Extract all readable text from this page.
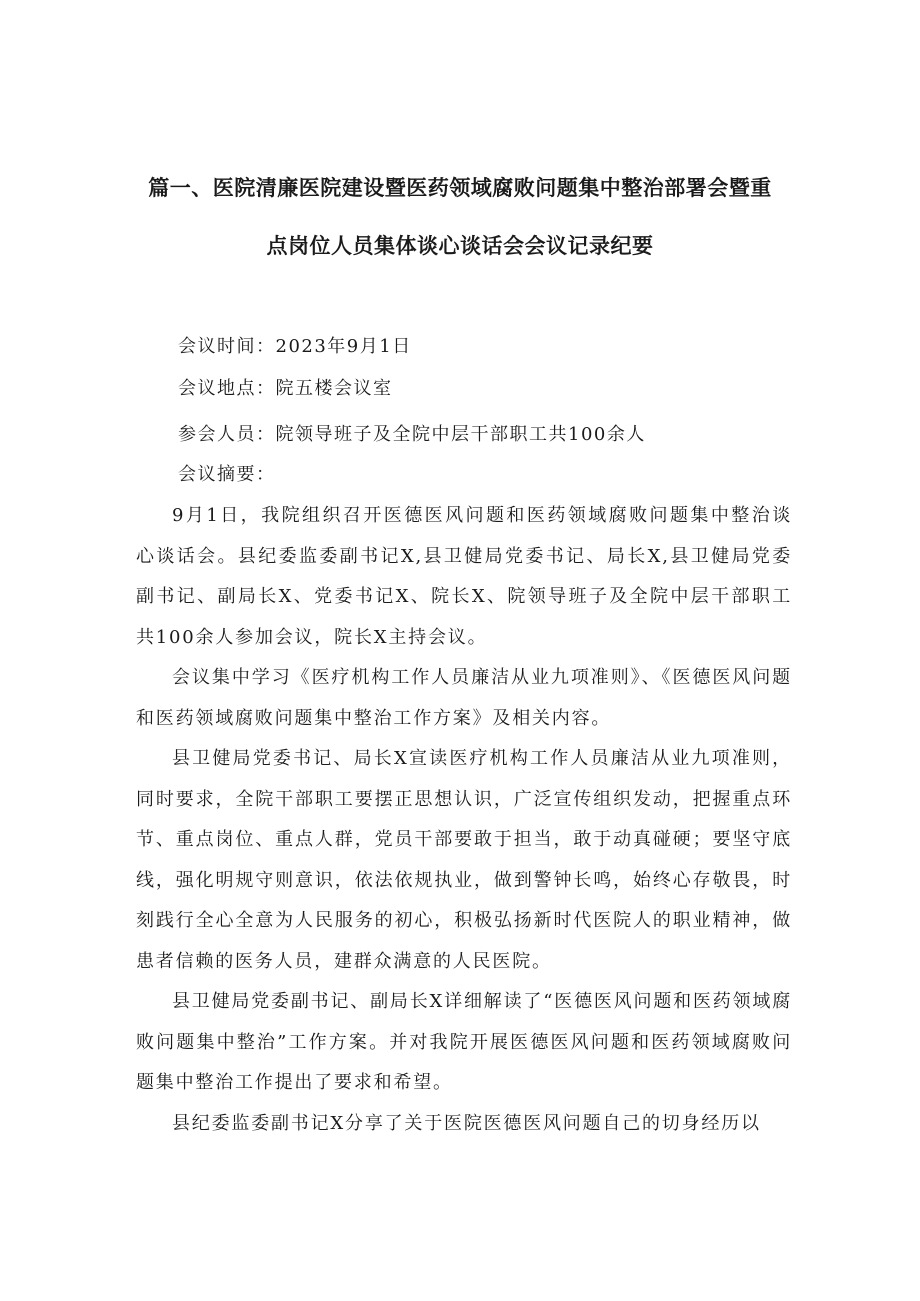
篇一、医院清廉医院建设暨医药领域腐败问题集中整治部署会暨重
点岗位人员集体谈心谈话会会议记录纪要
会议时间：2023年9月1日
会议地点：院五楼会议室
参会人员：院领导班子及全院中层干部职工共100余人
会议摘要：

9月1日，我院组织召开医德医风问题和医药领域腐败问题集中整治谈心谈话会。县纪委监委副书记X,县卫健局党委书记、局长X,县卫健局党委副书记、副局长X、党委书记X、院长X、院领导班子及全院中层干部职工共100余人参加会议，院长X主持会议。

会议集中学习《医疗机构工作人员廉洁从业九项准则》、《医德医风问题和医药领域腐败问题集中整治工作方案》及相关内容。

县卫健局党委书记、局长X宣读医疗机构工作人员廉洁从业九项准则，同时要求，全院干部职工要摆正思想认识，广泛宣传组织发动，把握重点环节、重点岗位、重点人群，党员干部要敢于担当，敢于动真碰硬；要坚守底线，强化明规守则意识，依法依规执业，做到警钟长鸣，始终心存敬畏，时刻践行全心全意为人民服务的初心，积极弘扬新时代医院人的职业精神，做患者信赖的医务人员，建群众满意的人民医院。

县卫健局党委副书记、副局长X详细解读了“医德医风问题和医药领域腐败问题集中整治”工作方案。并对我院开展医德医风问题和医药领域腐败问题集中整治工作提出了要求和希望。

县纪委监委副书记X分享了关于医院医德医风问题自己的切身经历以
